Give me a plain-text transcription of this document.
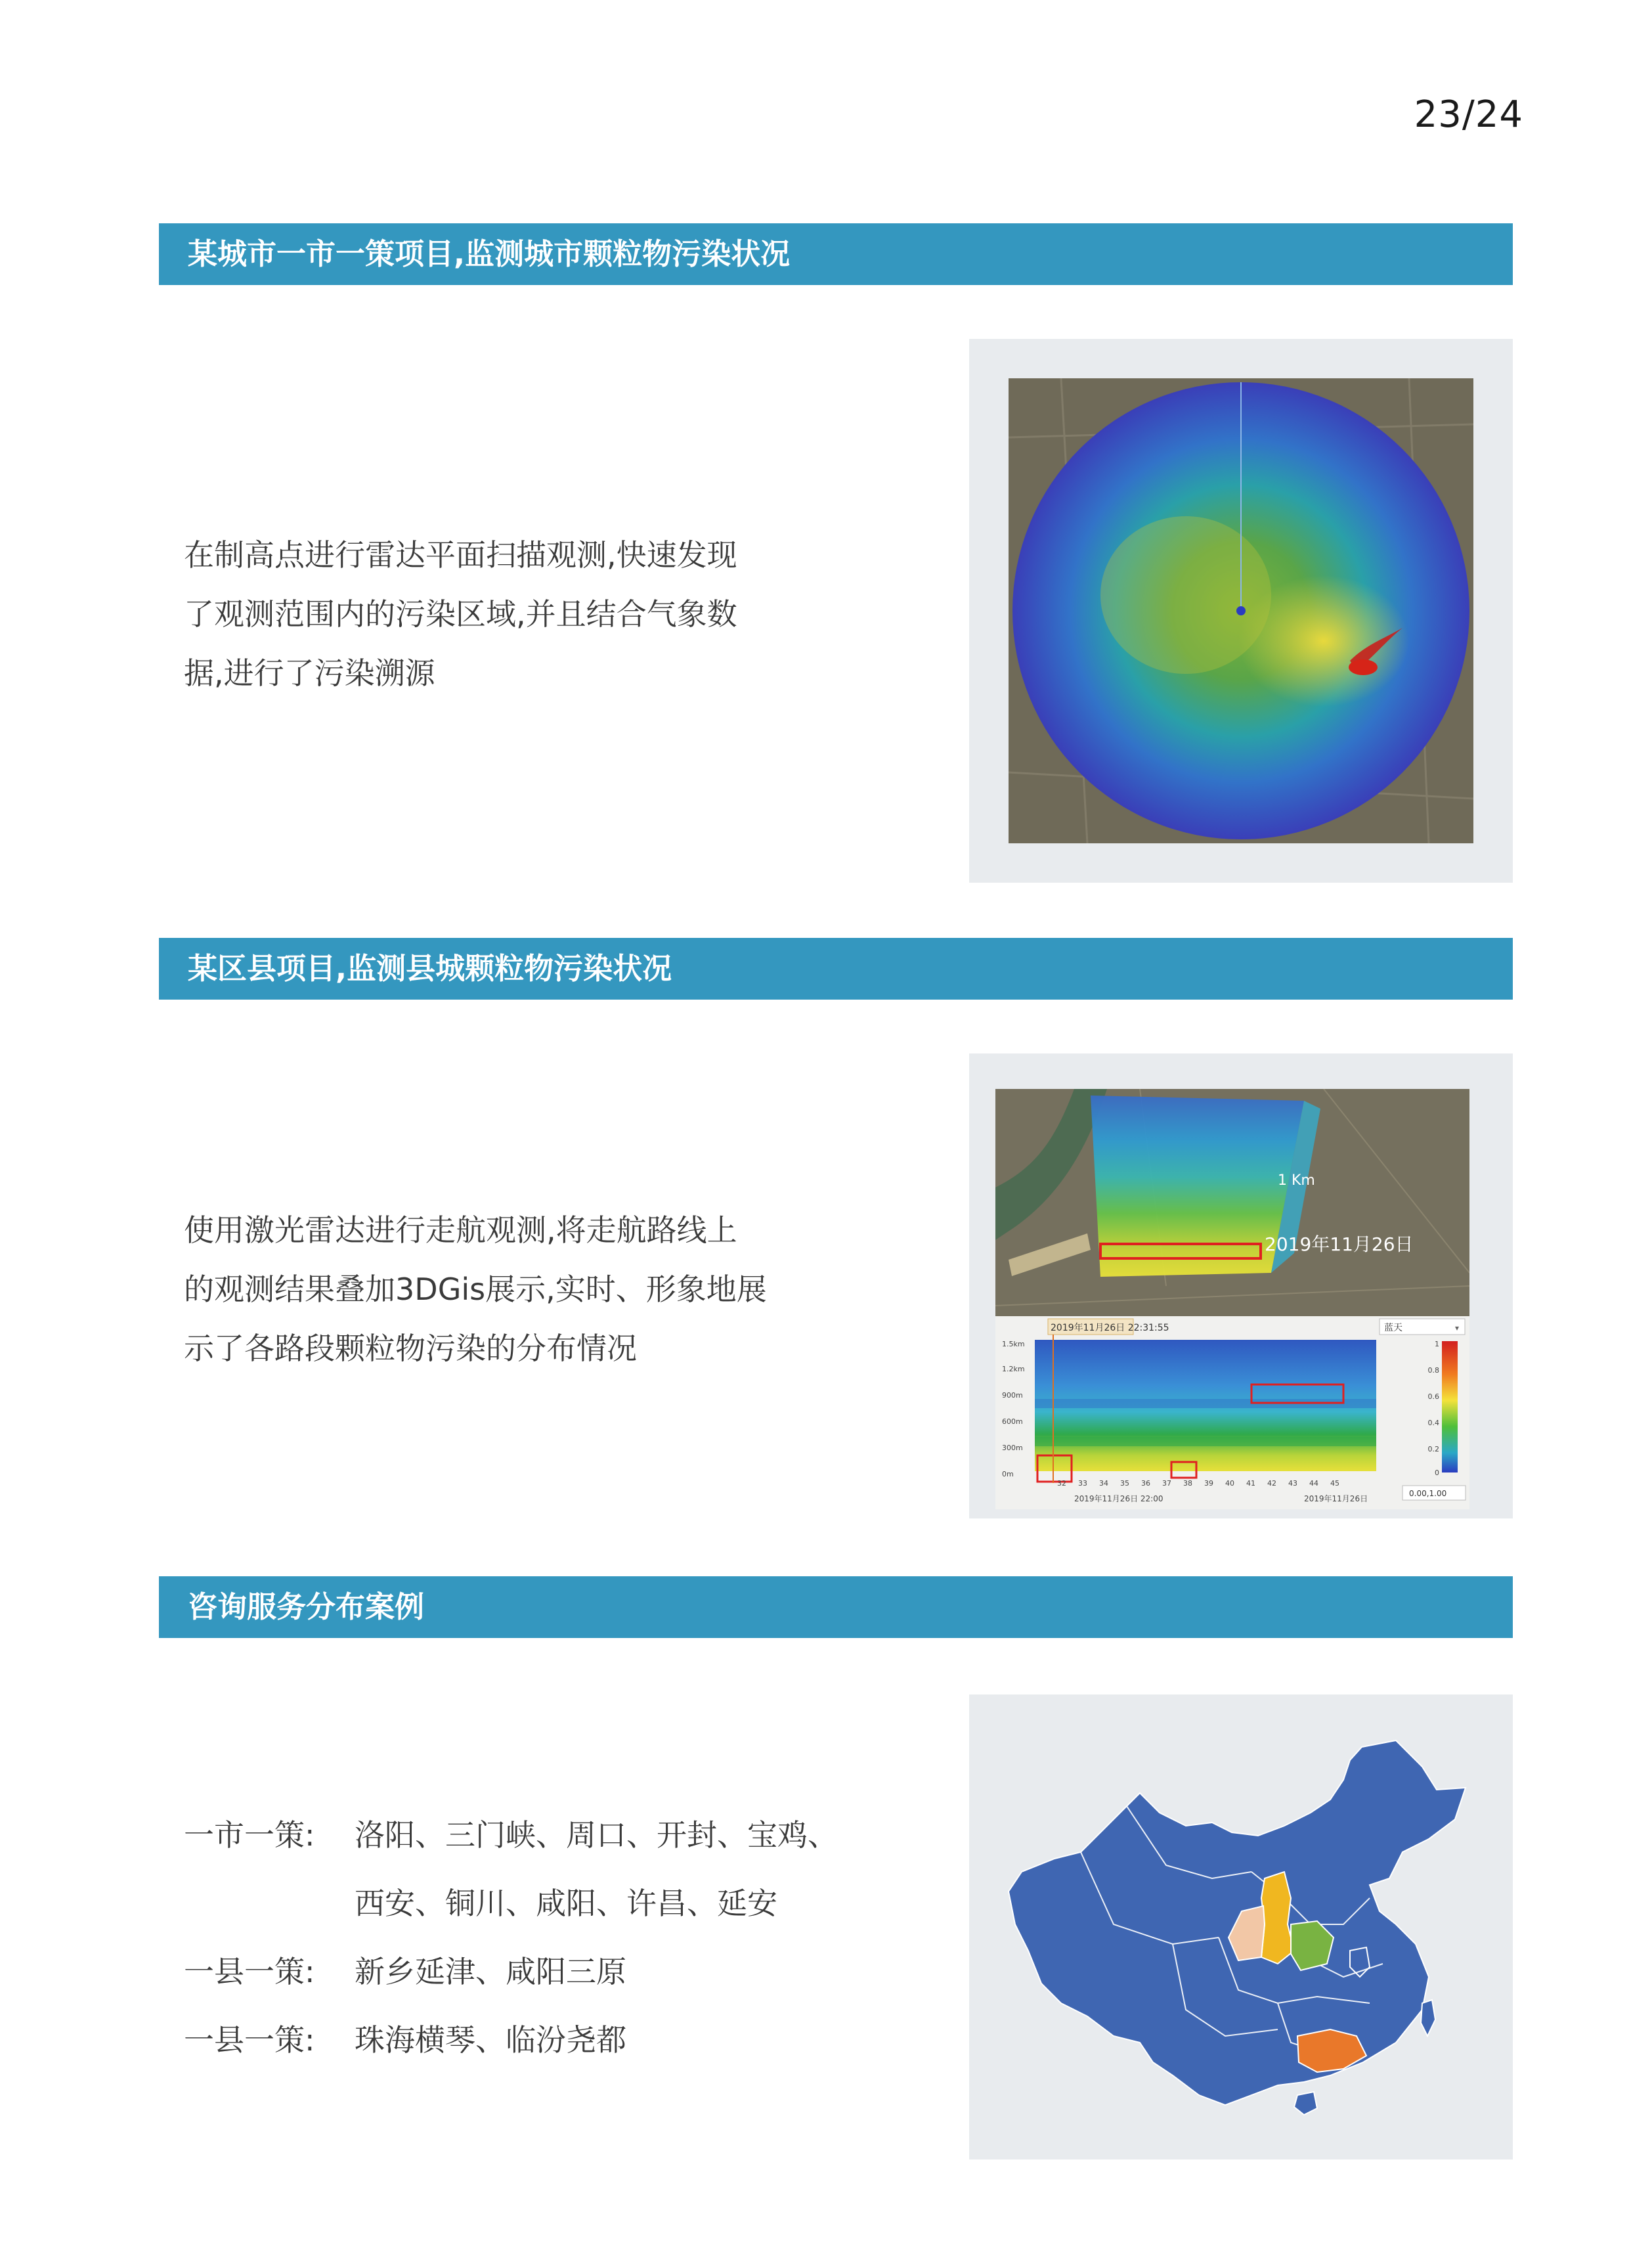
23/24
某城市一市一策项目,监测城市颗粒物污染状况
在制高点进行雷达平面扫描观测,快速发现
了观测范围内的污染区域,并且结合气象数
据,进行了污染溯源
某区县项目,监测县城颗粒物污染状况
使用激光雷达进行走航观测,将走航路线上
的观测结果叠加3DGis展示,实时、形象地展
示了各路段颗粒物污染的分布情况
1 Km
2019年11月26日
2019年11月26日 22:31:55	蓝天	▾
1.5km
1.2km
900m
600m
300m
0m
32 33 34 35 36 37 38 39 40 41 42 43 44 45
2019年11月26日 22:00	2019年11月26日
1
0.8
0.6
0.4
0.2
0
0.00,1.00
咨询服务分布案例
一市一策:	洛阳、三门峡、周口、开封、宝鸡、
西安、铜川、咸阳、许昌、延安
一县一策:	新乡延津、咸阳三原
一县一策:	珠海横琴、临汾尧都
